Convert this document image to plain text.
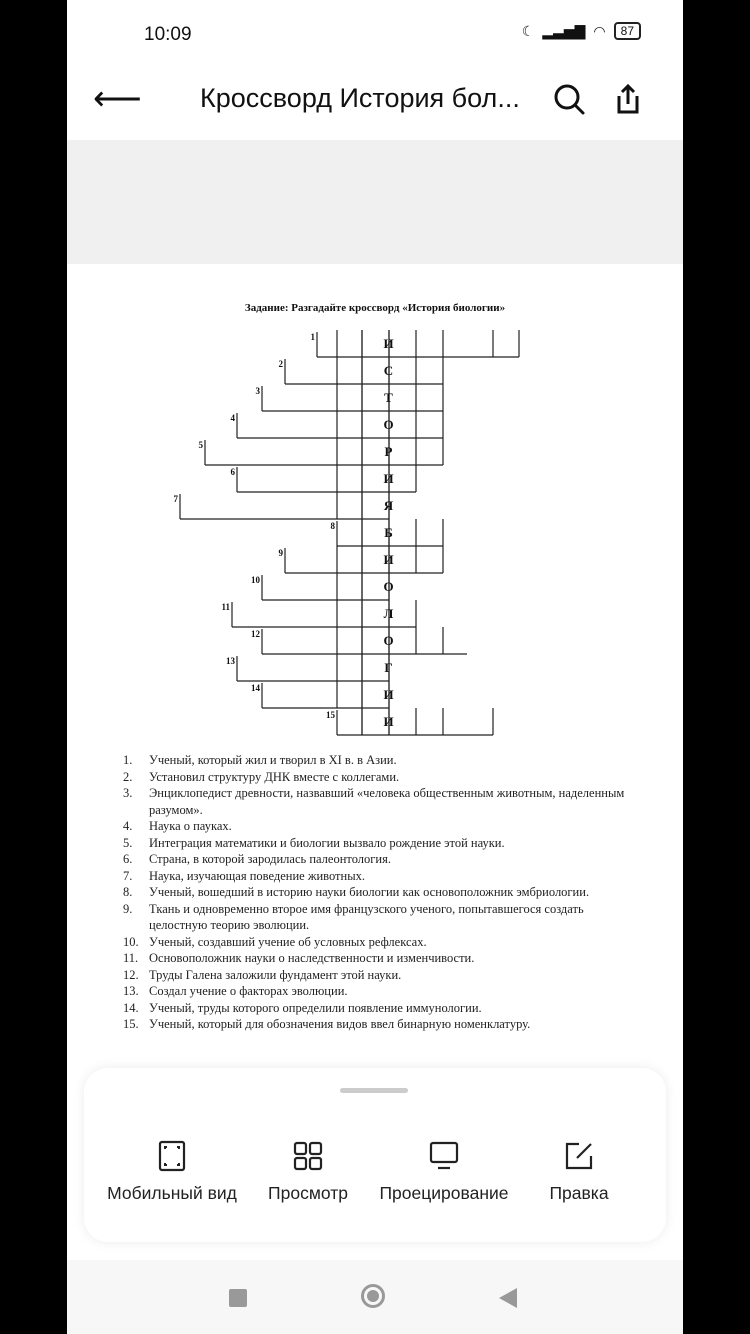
10:09	☾ ▂▃▅▇ ◠	87
⟵ Кроссворд История бол...
Задание: Разгадайте кроссворд «История биологии»
1
2
3
4
5
6
7
8
9
10
11
12
13
14
15
И
С
Т
О
Р
И
Я
Б
И
О
Л
О
Г
И
И
1.	Ученый, который жил и творил в XI в. в Азии.
2.	Установил структуру ДНК вместе с коллегами.
3.	Энциклопедист древности, назвавший «человека общественным животным, наделенным разумом».
4.	Наука о пауках.
5.	Интеграция математики и биологии вызвало рождение этой науки.
6.	Страна, в которой зародилась палеонтология.
7.	Наука, изучающая поведение животных.
8.	Ученый, вошедший в историю науки биологии как основоположник эмбриологии.
9.	Ткань и одновременно второе имя французского ученого, попытавшегося создать целостную теорию эволюции.
10. Ученый, создавший учение об условных рефлексах.
11. Основоположник науки о наследственности и изменчивости.
12. Труды Галена заложили фундамент этой науки.
13. Создал учение о факторах эволюции.
14. Ученый, труды которого определили появление иммунологии.
15. Ученый, который для обозначения видов ввел бинарную номенклатуру.
Мобильный вид	Просмотр	Проецирование	Правка
